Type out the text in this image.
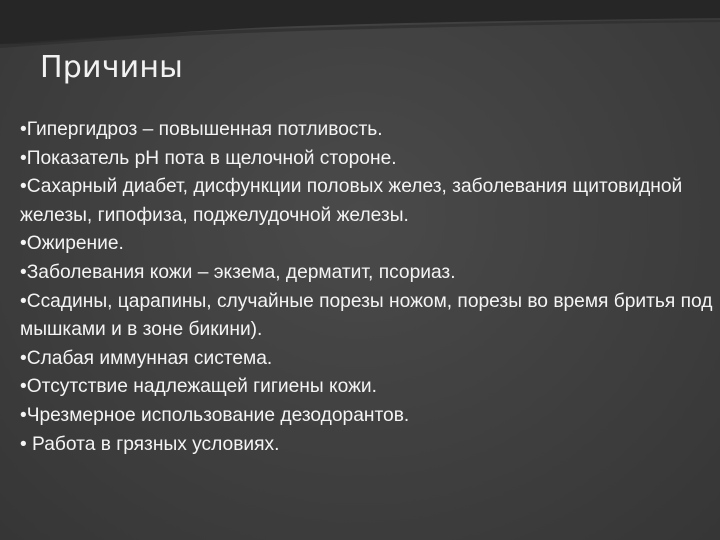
Причины

•Гипергидроз – повышенная потливость.

•Показатель рН пота в щелочной стороне.

•Сахарный диабет, дисфункции половых желез, заболевания щитовидной железы, гипофиза, поджелудочной железы.

•Ожирение.

•Заболевания кожи – экзема, дерматит, псориаз.

•Ссадины, царапины, случайные порезы ножом, порезы во время бритья под мышками и в зоне бикини).

•Слабая иммунная система.

•Отсутствие надлежащей гигиены кожи.

•Чрезмерное использование дезодорантов.

• Работа в грязных условиях.
